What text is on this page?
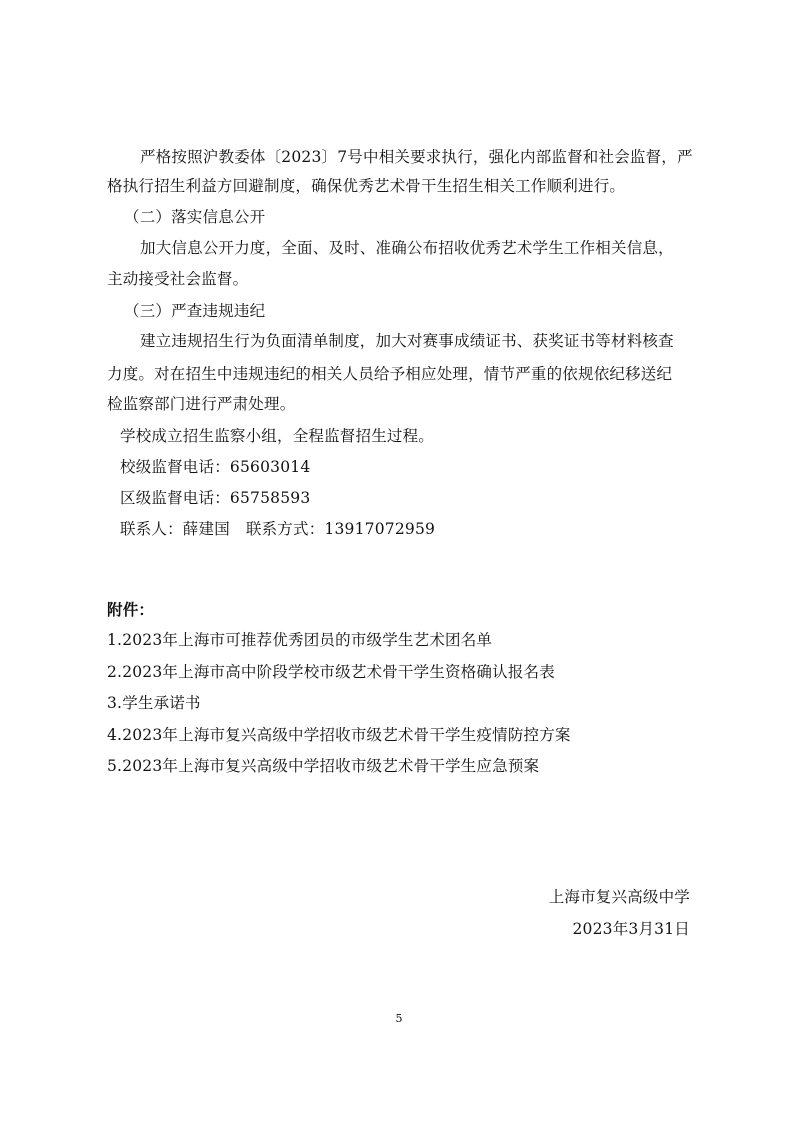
严格按照沪教委体〔2023〕7号中相关要求执行，强化内部监督和社会监督，严
格执行招生利益方回避制度，确保优秀艺术骨干生招生相关工作顺利进行。
（二）落实信息公开
加大信息公开力度，全面、及时、准确公布招收优秀艺术学生工作相关信息，
主动接受社会监督。
（三）严查违规违纪
建立违规招生行为负面清单制度，加大对赛事成绩证书、获奖证书等材料核查
力度。对在招生中违规违纪的相关人员给予相应处理，情节严重的依规依纪移送纪
检监察部门进行严肃处理。
学校成立招生监察小组，全程监督招生过程。
校级监督电话：65603014
区级监督电话：65758593
联系人：薛建国 联系方式：13917072959
附件：
1.2023年上海市可推荐优秀团员的市级学生艺术团名单
2.2023年上海市高中阶段学校市级艺术骨干学生资格确认报名表
3.学生承诺书
4.2023年上海市复兴高级中学招收市级艺术骨干学生疫情防控方案
5.2023年上海市复兴高级中学招收市级艺术骨干学生应急预案
上海市复兴高级中学
2023年3月31日
5
